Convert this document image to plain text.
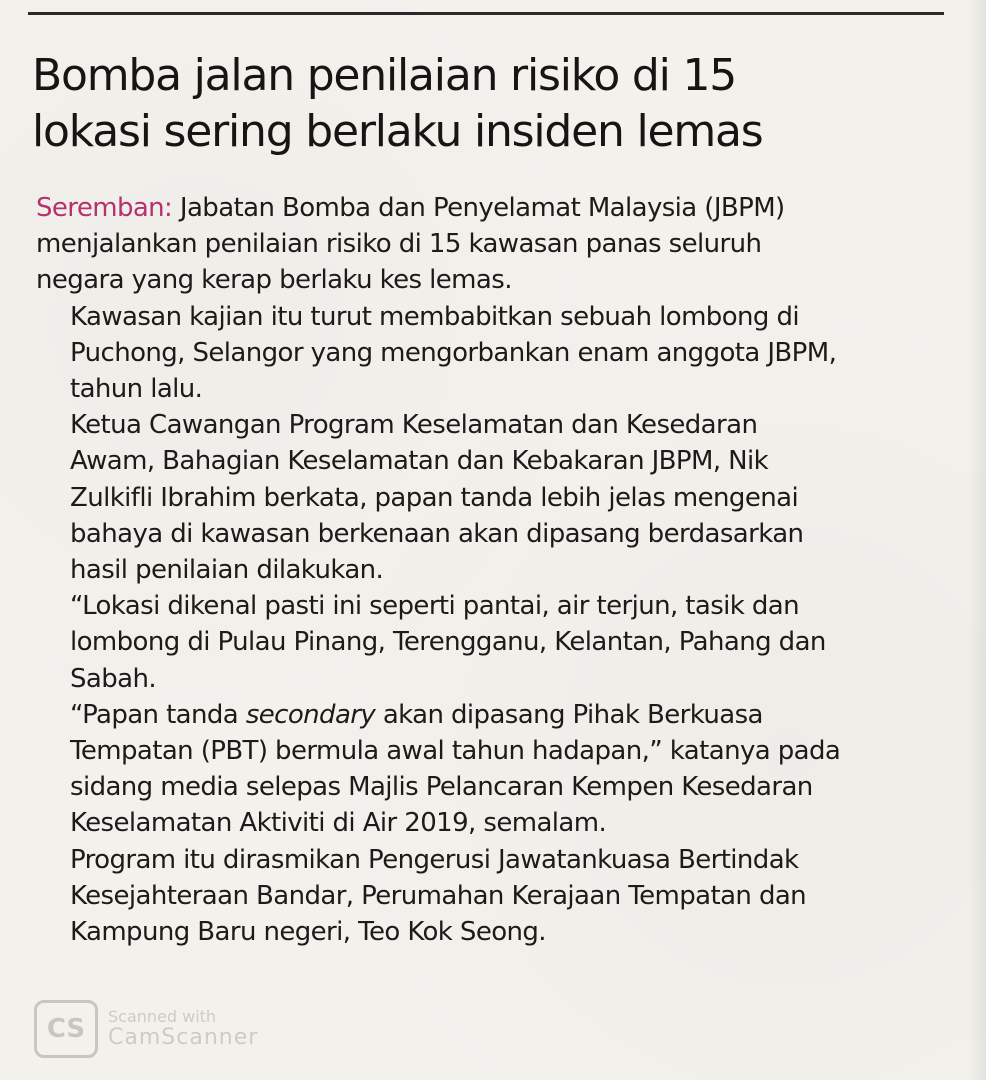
Bomba jalan penilaian risiko di 15
lokasi sering berlaku insiden lemas

Seremban: Jabatan Bomba dan Penyelamat Malaysia (JBPM)
menjalankan penilaian risiko di 15 kawasan panas seluruh
negara yang kerap berlaku kes lemas.

Kawasan kajian itu turut membabitkan sebuah lombong di
Puchong, Selangor yang mengorbankan enam anggota JBPM,
tahun lalu.

Ketua Cawangan Program Keselamatan dan Kesedaran
Awam, Bahagian Keselamatan dan Kebakaran JBPM, Nik
Zulkifli Ibrahim berkata, papan tanda lebih jelas mengenai
bahaya di kawasan berkenaan akan dipasang berdasarkan
hasil penilaian dilakukan.

“Lokasi dikenal pasti ini seperti pantai, air terjun, tasik dan
lombong di Pulau Pinang, Terengganu, Kelantan, Pahang dan
Sabah.

“Papan tanda secondary akan dipasang Pihak Berkuasa
Tempatan (PBT) bermula awal tahun hadapan,” katanya pada
sidang media selepas Majlis Pelancaran Kempen Kesedaran
Keselamatan Aktiviti di Air 2019, semalam.

Program itu dirasmikan Pengerusi Jawatankuasa Bertindak
Kesejahteraan Bandar, Perumahan Kerajaan Tempatan dan
Kampung Baru negeri, Teo Kok Seong.

CS	Scanned with
CamScanner
